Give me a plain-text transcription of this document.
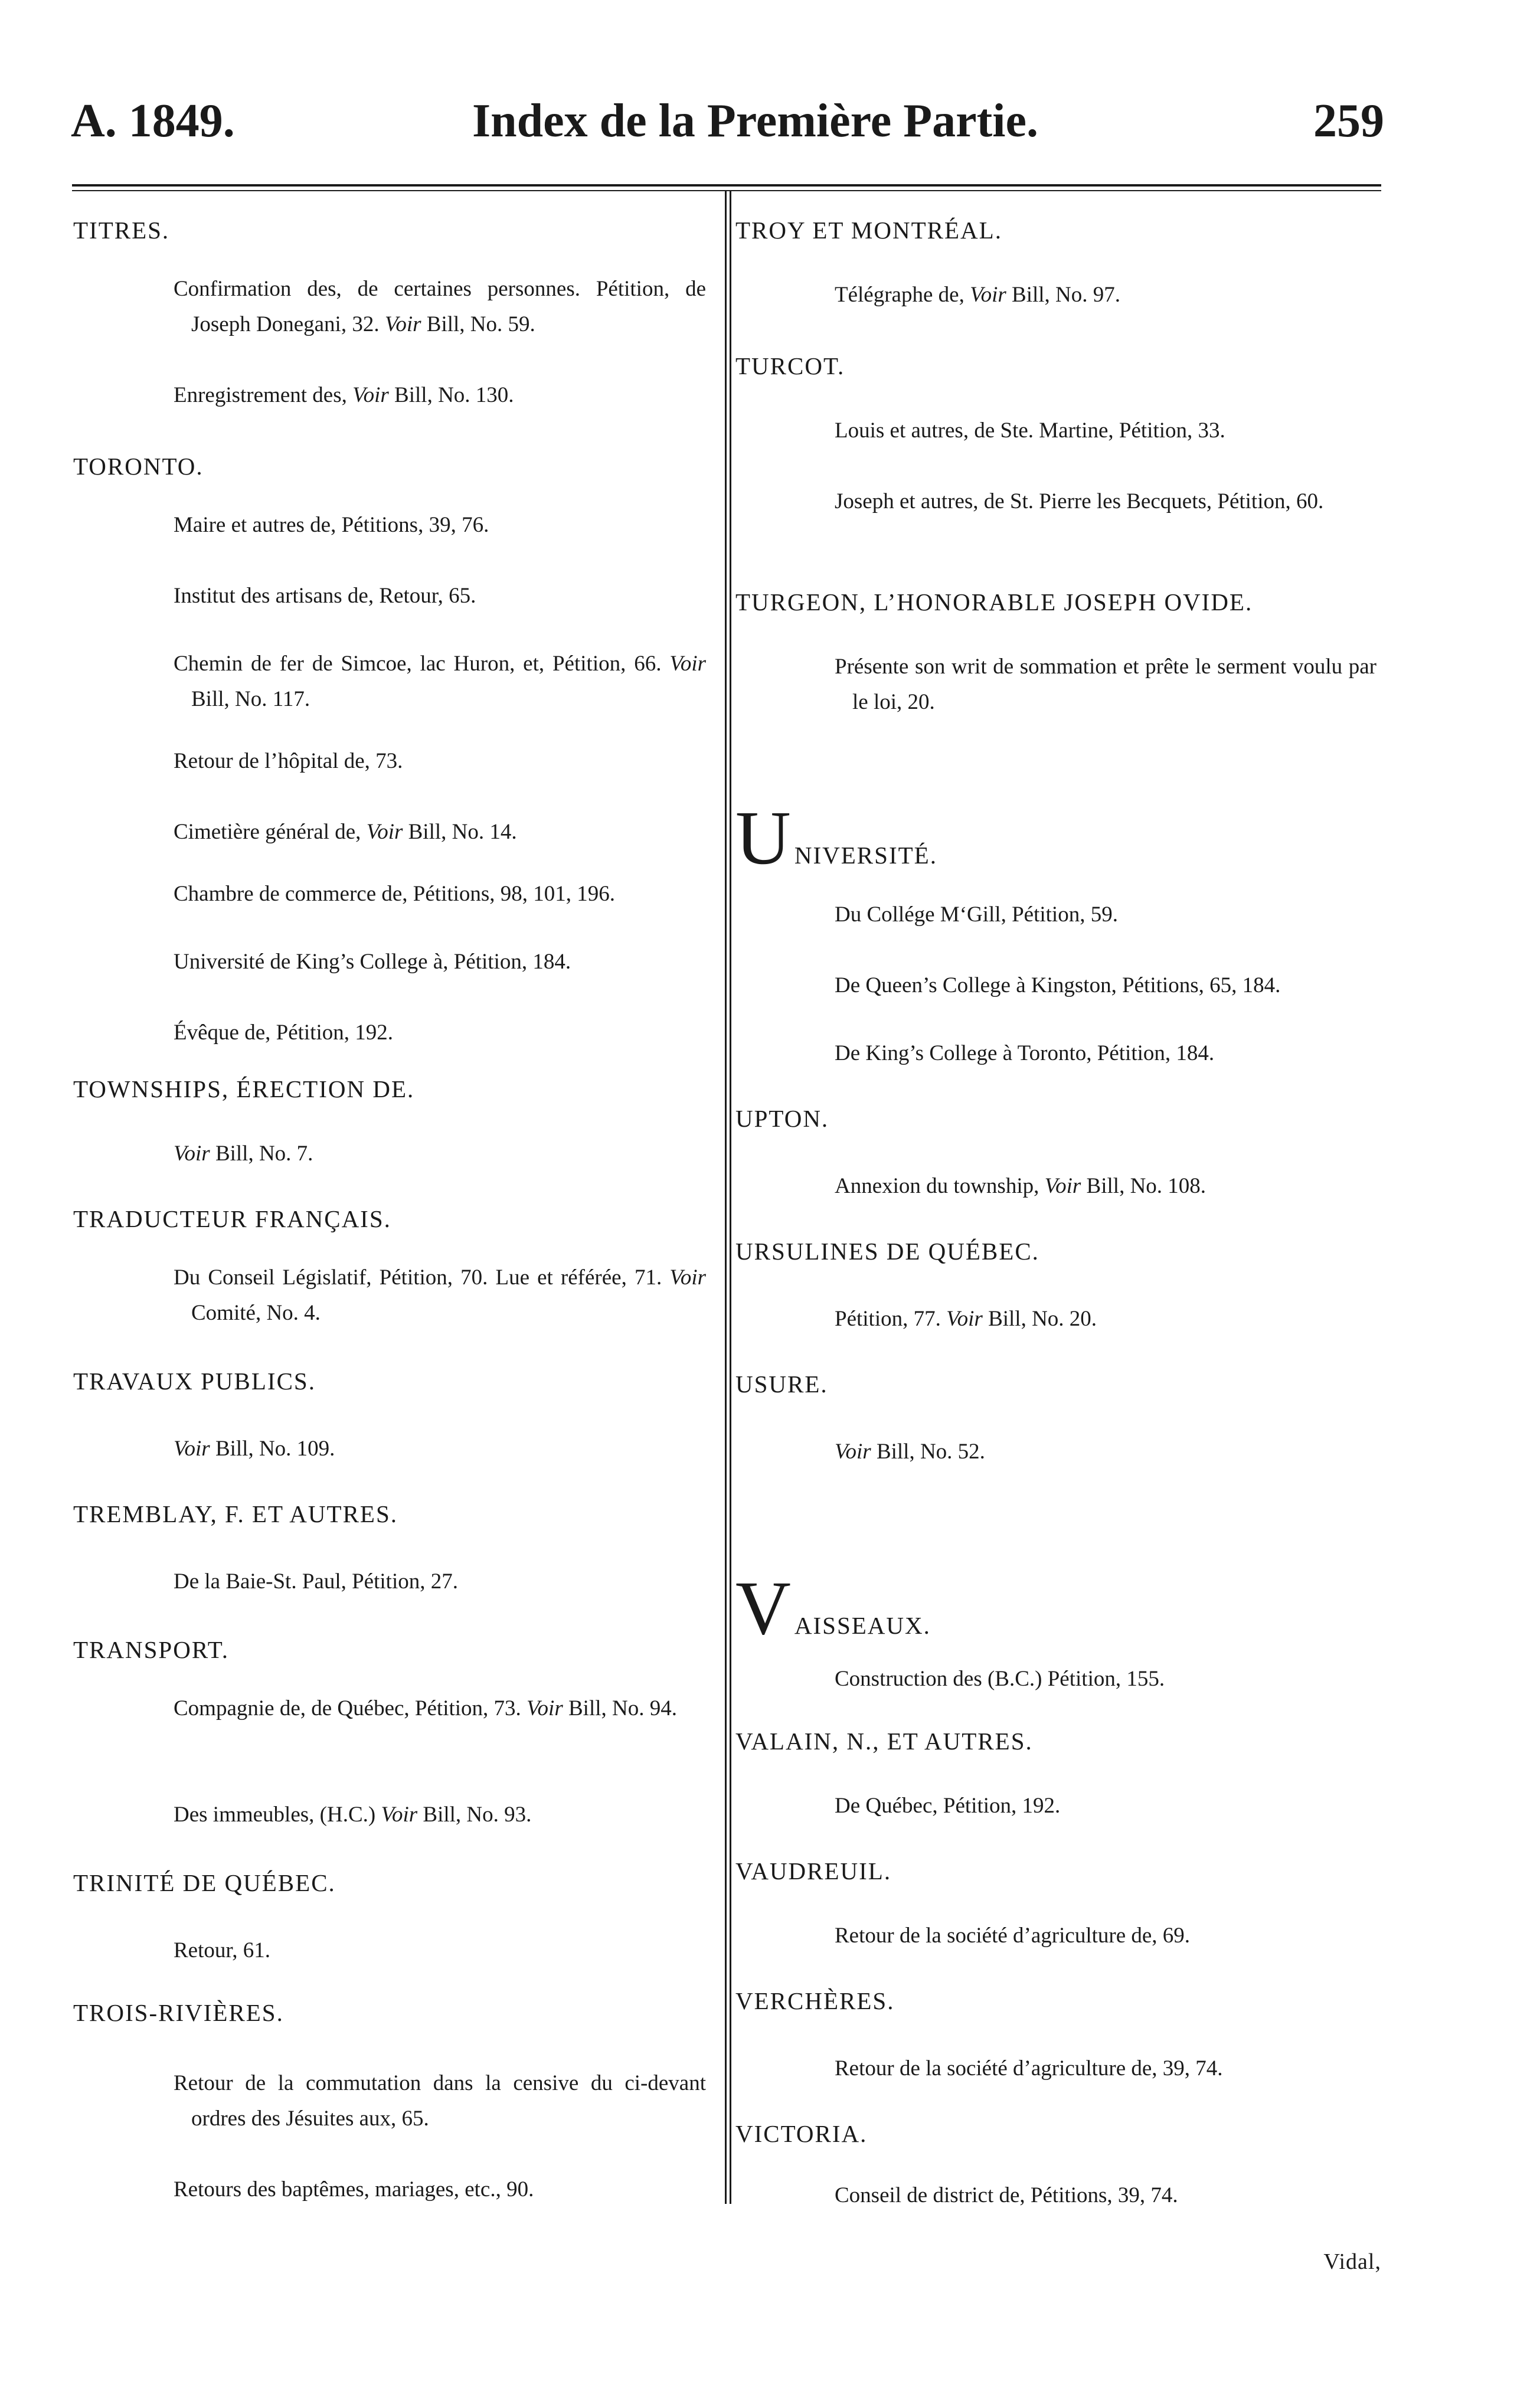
A. 1849.	Index de la Première Partie.	259
TITRES.
Confirmation des, de certaines personnes. Pétition, de Joseph Donegani, 32. Voir Bill, No. 59.
Enregistrement des, Voir Bill, No. 130.
TORONTO.
Maire et autres de, Pétitions, 39, 76.
Institut des artisans de, Retour, 65.
Chemin de fer de Simcoe, lac Huron, et, Pétition, 66. Voir Bill, No. 117.
Retour de l’hôpital de, 73.
Cimetière général de, Voir Bill, No. 14.
Chambre de commerce de, Pétitions, 98, 101, 196.
Université de King’s College à, Pétition, 184.
Évêque de, Pétition, 192.
TOWNSHIPS, ÉRECTION DE.
Voir Bill, No. 7.
TRADUCTEUR FRANÇAIS.
Du Conseil Législatif, Pétition, 70. Lue et référée, 71. Voir Comité, No. 4.
TRAVAUX PUBLICS.
Voir Bill, No. 109.
TREMBLAY, F. ET AUTRES.
De la Baie-St. Paul, Pétition, 27.
TRANSPORT.
Compagnie de, de Québec, Pétition, 73. Voir Bill, No. 94.
Des immeubles, (H.C.) Voir Bill, No. 93.
TRINITÉ DE QUÉBEC.
Retour, 61.
TROIS-RIVIÈRES.
Retour de la commutation dans la censive du ci-devant ordres des Jésuites aux, 65.
Retours des baptêmes, mariages, etc., 90.
Vidal,
TROY ET MONTRÉAL.
Télégraphe de, Voir Bill, No. 97.
TURCOT.
Louis et autres, de Ste. Martine, Pétition, 33.
Joseph et autres, de St. Pierre les Becquets, Pétition, 60.
TURGEON, L’HONORABLE JOSEPH OVIDE.
Présente son writ de sommation et prête le serment voulu par le loi, 20.
UNIVERSITÉ.
Du Collége M‘Gill, Pétition, 59.
De Queen’s College à Kingston, Pétitions, 65, 184.
De King’s College à Toronto, Pétition, 184.
UPTON.
Annexion du township, Voir Bill, No. 108.
URSULINES DE QUÉBEC.
Pétition, 77. Voir Bill, No. 20.
USURE.
Voir Bill, No. 52.
VAISSEAUX.
Construction des (B.C.) Pétition, 155.
VALAIN, N., ET AUTRES.
De Québec, Pétition, 192.
VAUDREUIL.
Retour de la société d’agriculture de, 69.
VERCHÈRES.
Retour de la société d’agriculture de, 39, 74.
VICTORIA.
Conseil de district de, Pétitions, 39, 74.
